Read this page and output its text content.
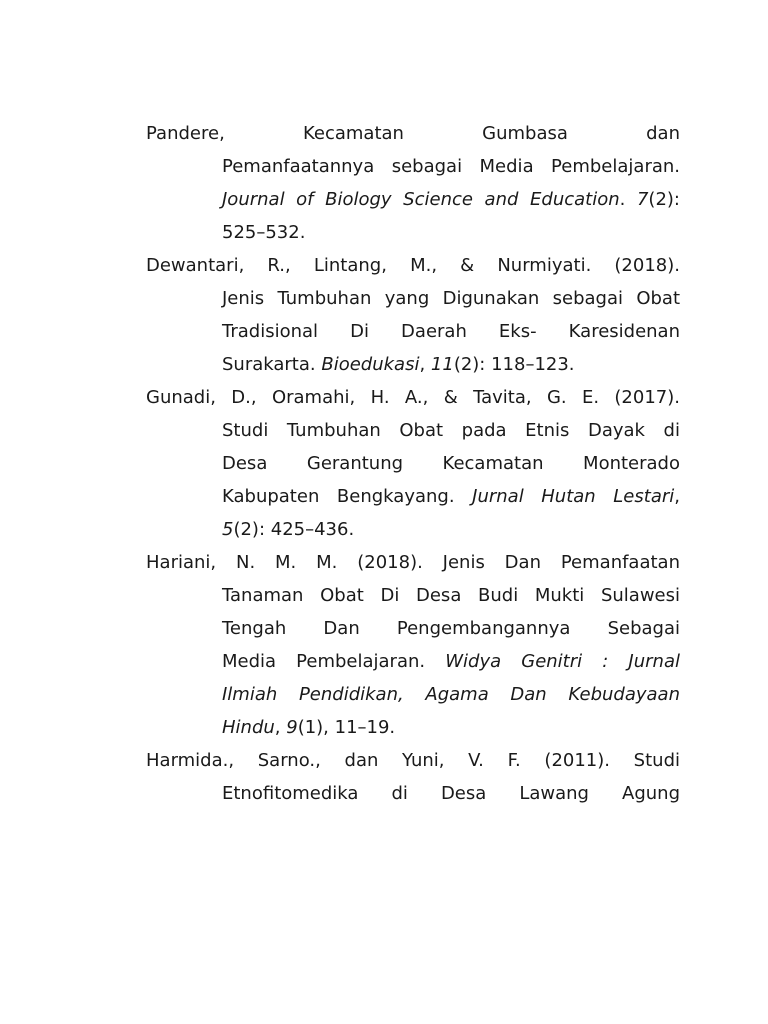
Pandere,      Kecamatan      Gumbasa      dan
Pemanfaatannya sebagai Media Pembelajaran.
Journal of Biology Science and Education. 7(2):
525–532.
Dewantari, R., Lintang, M., & Nurmiyati. (2018).
Jenis Tumbuhan yang Digunakan sebagai Obat
Tradisional  Di  Daerah  Eks-  Karesidenan
Surakarta. Bioedukasi, 11(2): 118–123.
Gunadi, D., Oramahi, H. A., & Tavita, G. E. (2017).
Studi Tumbuhan Obat pada Etnis Dayak di
Desa    Gerantung    Kecamatan    Monterado
Kabupaten Bengkayang. Jurnal Hutan Lestari,
5(2): 425–436.
Hariani, N. M. M. (2018). Jenis Dan Pemanfaatan
Tanaman Obat Di Desa Budi Mukti Sulawesi
Tengah  Dan  Pengembangannya  Sebagai
Media Pembelajaran. Widya Genitri : Jurnal
Ilmiah Pendidikan, Agama Dan Kebudayaan
Hindu, 9(1), 11–19.
Harmida., Sarno., dan Yuni, V. F. (2011). Studi
Etnofitomedika    di    Desa    Lawang    Agung
